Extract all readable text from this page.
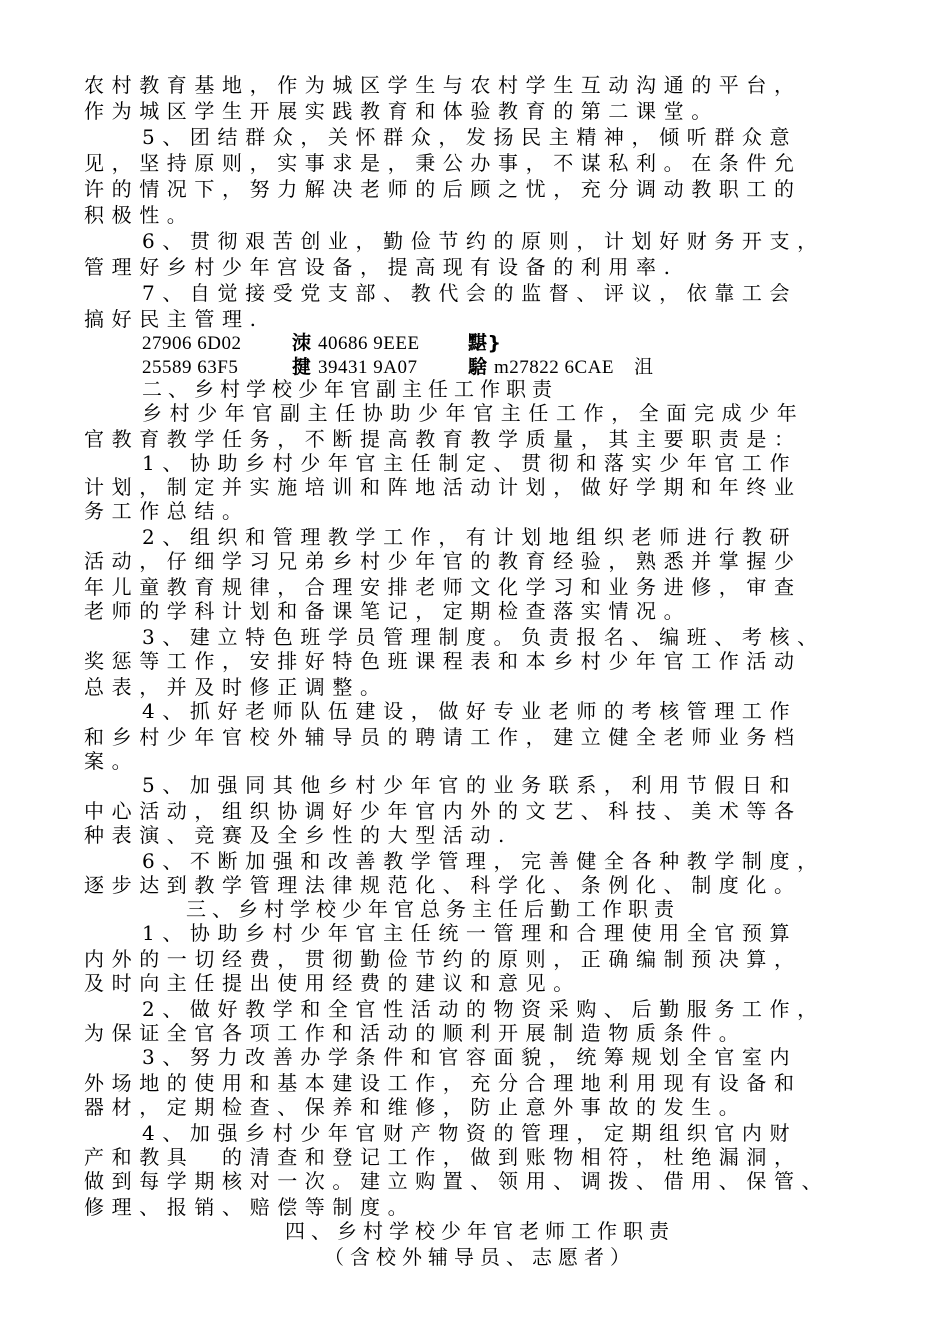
农村教育基地，作为城区学生与农村学生互动沟通的平台，
作为城区学生开展实践教育和体验教育的第二课堂。
5、团结群众，关怀群众，发扬民主精神，倾听群众意
见，坚持原则，实事求是，秉公办事，不谋私利。在条件允
许的情况下，努力解决老师的后顾之忧，充分调动教职工的
积极性。
6、贯彻艰苦创业，勤俭节约的原则，计划好财务开支，
管理好乡村少年宫设备，提高现有设备的利用率.
7、自觉接受党支部、教代会的监督、评议，依靠工会
搞好民主管理.
27906 6D02	洓 40686 9EEE	黮}
25589 63F5	揵 39431 9A07	騇 m27822 6CAE 沮
二、乡村学校少年官副主任工作职责
乡村少年官副主任协助少年官主任工作，全面完成少年
官教育教学任务，不断提高教育教学质量，其主要职责是：
1、协助乡村少年官主任制定、贯彻和落实少年官工作
计划，制定并实施培训和阵地活动计划，做好学期和年终业
务工作总结。
2、组织和管理教学工作，有计划地组织老师进行教研
活动，仔细学习兄弟乡村少年官的教育经验，熟悉并掌握少
年儿童教育规律，合理安排老师文化学习和业务进修，审查
老师的学科计划和备课笔记，定期检查落实情况。
3、建立特色班学员管理制度。负责报名、编班、考核、
奖惩等工作，安排好特色班课程表和本乡村少年官工作活动
总表，并及时修正调整。
4、抓好老师队伍建设，做好专业老师的考核管理工作
和乡村少年官校外辅导员的聘请工作，建立健全老师业务档
案。
5、加强同其他乡村少年官的业务联系，利用节假日和
中心活动，组织协调好少年官内外的文艺、科技、美术等各
种表演、竞赛及全乡性的大型活动.
6、不断加强和改善教学管理，完善健全各种教学制度，
逐步达到教学管理法律规范化、科学化、条例化、制度化。
三、乡村学校少年官总务主任后勤工作职责
1、协助乡村少年官主任统一管理和合理使用全官预算
内外的一切经费，贯彻勤俭节约的原则，正确编制预决算，
及时向主任提出使用经费的建议和意见。
2、做好教学和全官性活动的物资采购、后勤服务工作，
为保证全官各项工作和活动的顺利开展制造物质条件。
3、努力改善办学条件和官容面貌，统筹规划全官室内
外场地的使用和基本建设工作，充分合理地利用现有设备和
器材，定期检查、保养和维修，防止意外事故的发生。
4、加强乡村少年官财产物资的管理，定期组织官内财
产和教具　的清查和登记工作，做到账物相符，杜绝漏洞，
做到每学期核对一次。建立购置、领用、调拨、借用、保管、
修理、报销、赔偿等制度。
四、乡村学校少年官老师工作职责
（含校外辅导员、志愿者）
